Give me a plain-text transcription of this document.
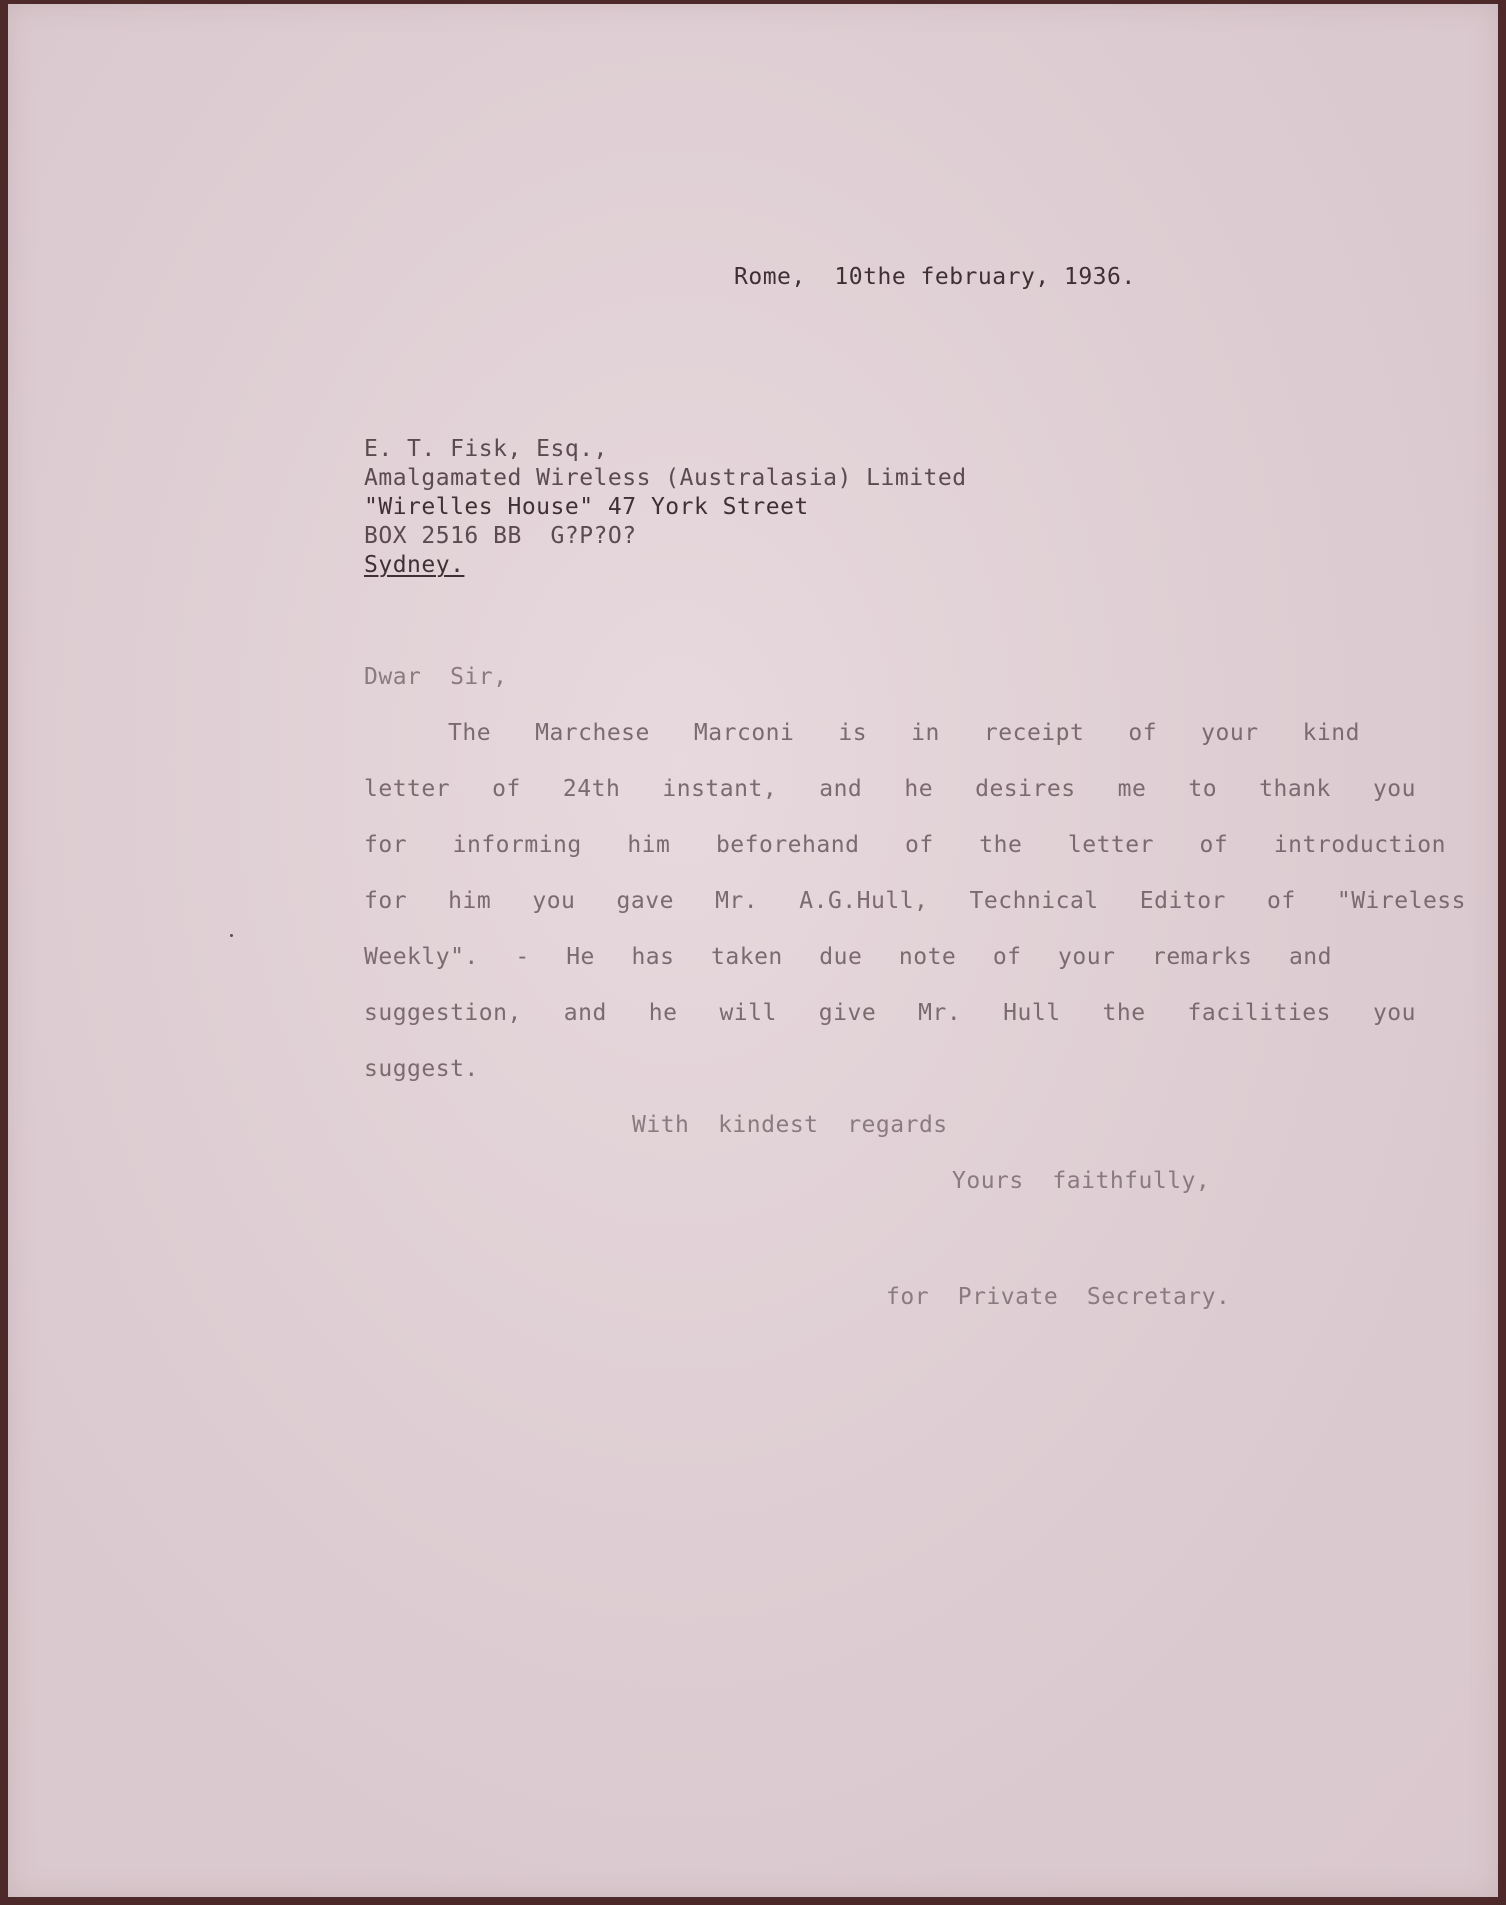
Rome,  10the february, 1936.
E. T. Fisk, Esq.,
Amalgamated Wireless (Australasia) Limited
"Wirelles House" 47 York Street
BOX 2516 BB  G?P?O?
Sydney.
Dwar  Sir,
The Marchese Marconi is in receipt of your kind
letter of 24th instant, and he desires me to thank you
for informing him beforehand of the letter of introduction
for him you gave Mr. A.G.Hull, Technical Editor of "Wireless
Weekly". - He has taken due note of your remarks and
suggestion, and he will give Mr. Hull the facilities you
suggest.
With  kindest  regards
Yours  faithfully,
for  Private  Secretary.
